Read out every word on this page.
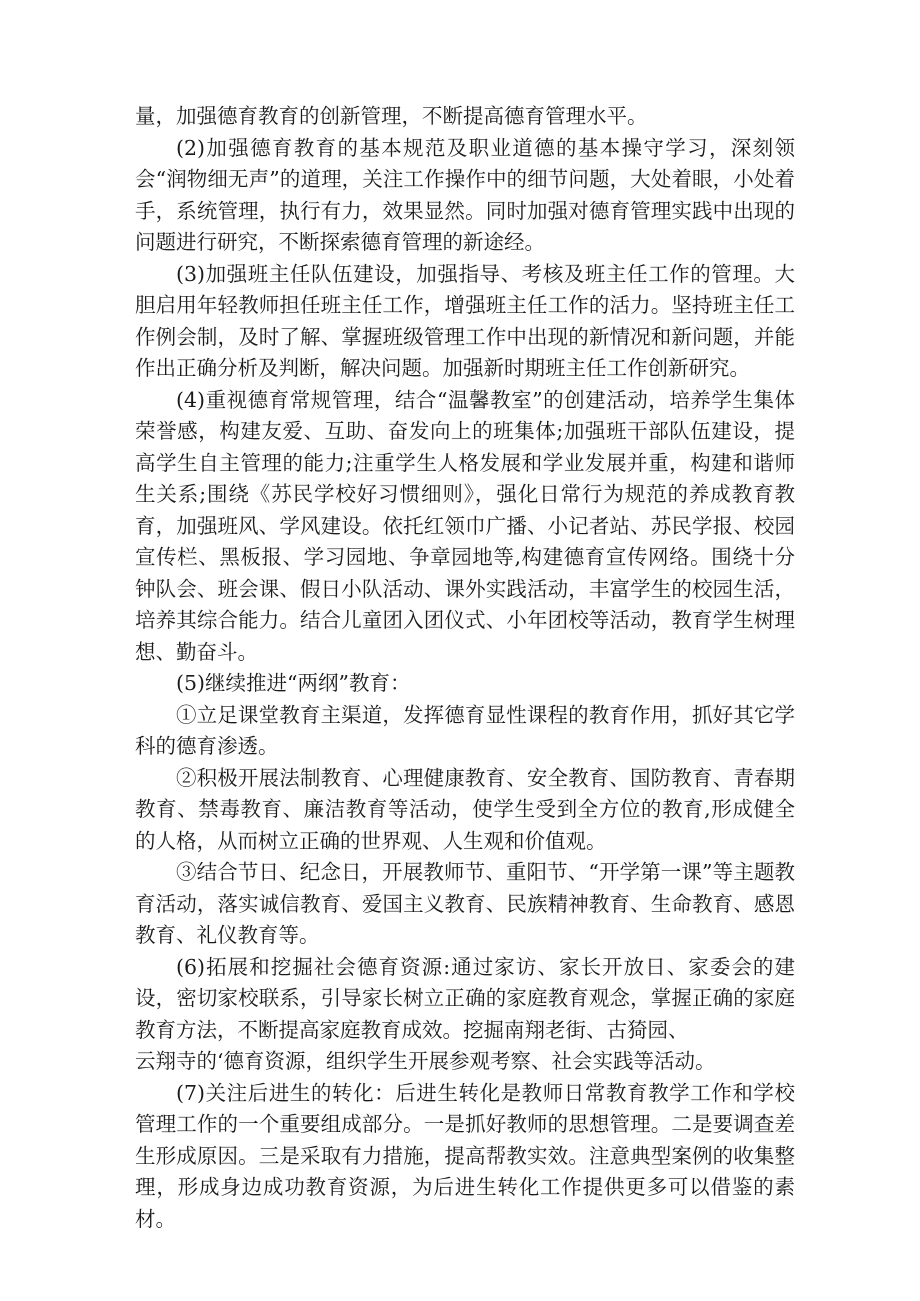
量，加强德育教育的创新管理，不断提高德育管理水平。

(2)加强德育教育的基本规范及职业道德的基本操守学习，深刻领会“润物细无声”的道理，关注工作操作中的细节问题，大处着眼，小处着手，系统管理，执行有力，效果显然。同时加强对德育管理实践中出现的问题进行研究，不断探索德育管理的新途经。

(3)加强班主任队伍建设，加强指导、考核及班主任工作的管理。大胆启用年轻教师担任班主任工作，增强班主任工作的活力。坚持班主任工作例会制，及时了解、掌握班级管理工作中出现的新情况和新问题，并能作出正确分析及判断，解决问题。加强新时期班主任工作创新研究。

(4)重视德育常规管理，结合“温馨教室”的创建活动，培养学生集体荣誉感，构建友爱、互助、奋发向上的班集体;加强班干部队伍建设，提高学生自主管理的能力;注重学生人格发展和学业发展并重，构建和谐师生关系;围绕《苏民学校好习惯细则》，强化日常行为规范的养成教育教育，加强班风、学风建设。依托红领巾广播、小记者站、苏民学报、校园宣传栏、黑板报、学习园地、争章园地等,构建德育宣传网络。围绕十分钟队会、班会课、假日小队活动、课外实践活动，丰富学生的校园生活，培养其综合能力。结合儿童团入团仪式、小年团校等活动，教育学生树理想、勤奋斗。

(5)继续推进“两纲”教育：

①立足课堂教育主渠道，发挥德育显性课程的教育作用，抓好其它学科的德育渗透。

②积极开展法制教育、心理健康教育、安全教育、国防教育、青春期教育、禁毒教育、廉洁教育等活动，使学生受到全方位的教育,形成健全的人格，从而树立正确的世界观、人生观和价值观。

③结合节日、纪念日，开展教师节、重阳节、“开学第一课”等主题教育活动，落实诚信教育、爱国主义教育、民族精神教育、生命教育、感恩教育、礼仪教育等。

(6)拓展和挖掘社会德育资源:通过家访、家长开放日、家委会的建设，密切家校联系，引导家长树立正确的家庭教育观念，掌握正确的家庭教育方法，不断提高家庭教育成效。挖掘南翔老街、古猗园、

云翔寺的‘德育资源，组织学生开展参观考察、社会实践等活动。

(7)关注后进生的转化：后进生转化是教师日常教育教学工作和学校管理工作的一个重要组成部分。一是抓好教师的思想管理。二是要调查差生形成原因。三是采取有力措施，提高帮教实效。注意典型案例的收集整理，形成身边成功教育资源，为后进生转化工作提供更多可以借鉴的素材。
